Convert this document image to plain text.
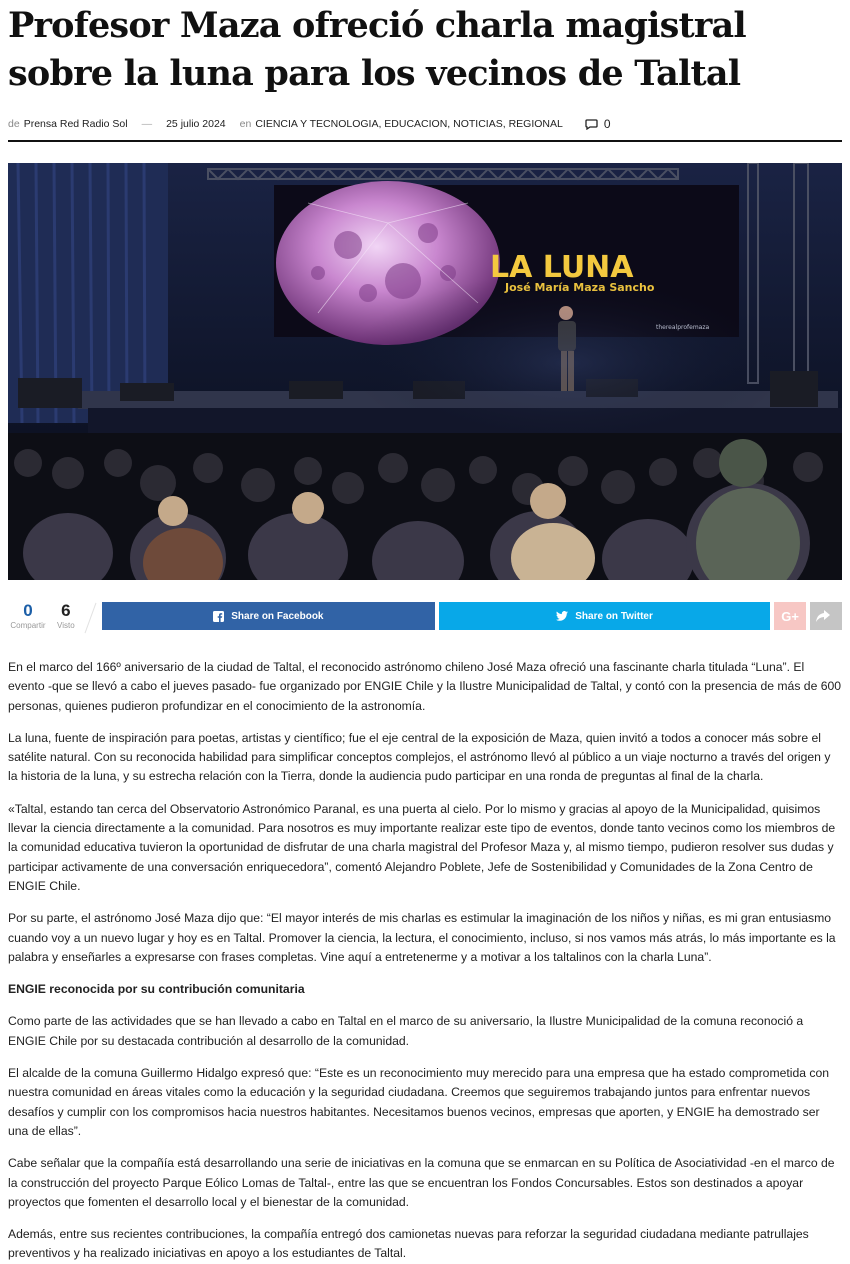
Profesor Maza ofreció charla magistral sobre la luna para los vecinos de Taltal
de Prensa Red Radio Sol — 25 julio 2024 en CIENCIA Y TECNOLOGIA, EDUCACION, NOTICIAS, REGIONAL	0
LA LUNA
José María Maza Sancho
therealprofemaza
0
Compartir
6
Visto
Share on Facebook	Share on Twitter	G+

En el marco del 166º aniversario de la ciudad de Taltal, el reconocido astrónomo chileno José Maza ofreció una fascinante charla titulada “Luna”. El evento -que se llevó a cabo el jueves pasado- fue organizado por ENGIE Chile y la Ilustre Municipalidad de Taltal, y contó con la presencia de más de 600 personas, quienes pudieron profundizar en el conocimiento de la astronomía.

La luna, fuente de inspiración para poetas, artistas y científico; fue el eje central de la exposición de Maza, quien invitó a todos a conocer más sobre el satélite natural. Con su reconocida habilidad para simplificar conceptos complejos, el astrónomo llevó al público a un viaje nocturno a través del origen y la historia de la luna, y su estrecha relación con la Tierra, donde la audiencia pudo participar en una ronda de preguntas al final de la charla.

«Taltal, estando tan cerca del Observatorio Astronómico Paranal, es una puerta al cielo. Por lo mismo y gracias al apoyo de la Municipalidad, quisimos llevar la ciencia directamente a la comunidad. Para nosotros es muy importante realizar este tipo de eventos, donde tanto vecinos como los miembros de la comunidad educativa tuvieron la oportunidad de disfrutar de una charla magistral del Profesor Maza y, al mismo tiempo, pudieron resolver sus dudas y participar activamente de una conversación enriquecedora”, comentó Alejandro Poblete, Jefe de Sostenibilidad y Comunidades de la Zona Centro de ENGIE Chile.

Por su parte, el astrónomo José Maza dijo que: “El mayor interés de mis charlas es estimular la imaginación de los niños y niñas, es mi gran entusiasmo cuando voy a un nuevo lugar y hoy es en Taltal. Promover la ciencia, la lectura, el conocimiento, incluso, si nos vamos más atrás, lo más importante es la palabra y enseñarles a expresarse con frases completas. Vine aquí a entretenerme y a motivar a los taltalinos con la charla Luna”.

ENGIE reconocida por su contribución comunitaria

Como parte de las actividades que se han llevado a cabo en Taltal en el marco de su aniversario, la Ilustre Municipalidad de la comuna reconoció a ENGIE Chile por su destacada contribución al desarrollo de la comunidad.

El alcalde de la comuna Guillermo Hidalgo expresó que: “Este es un reconocimiento muy merecido para una empresa que ha estado comprometida con nuestra comunidad en áreas vitales como la educación y la seguridad ciudadana. Creemos que seguiremos trabajando juntos para enfrentar nuevos desafíos y cumplir con los compromisos hacia nuestros habitantes. Necesitamos buenos vecinos, empresas que aporten, y ENGIE ha demostrado ser una de ellas”.

Cabe señalar que la compañía está desarrollando una serie de iniciativas en la comuna que se enmarcan en su Política de Asociatividad -en el marco de la construcción del proyecto Parque Eólico Lomas de Taltal-, entre las que se encuentran los Fondos Concursables. Estos son destinados a apoyar proyectos que fomenten el desarrollo local y el bienestar de la comunidad.

Además, entre sus recientes contribuciones, la compañía entregó dos camionetas nuevas para reforzar la seguridad ciudadana mediante patrullajes preventivos y ha realizado iniciativas en apoyo a los estudiantes de Taltal.
